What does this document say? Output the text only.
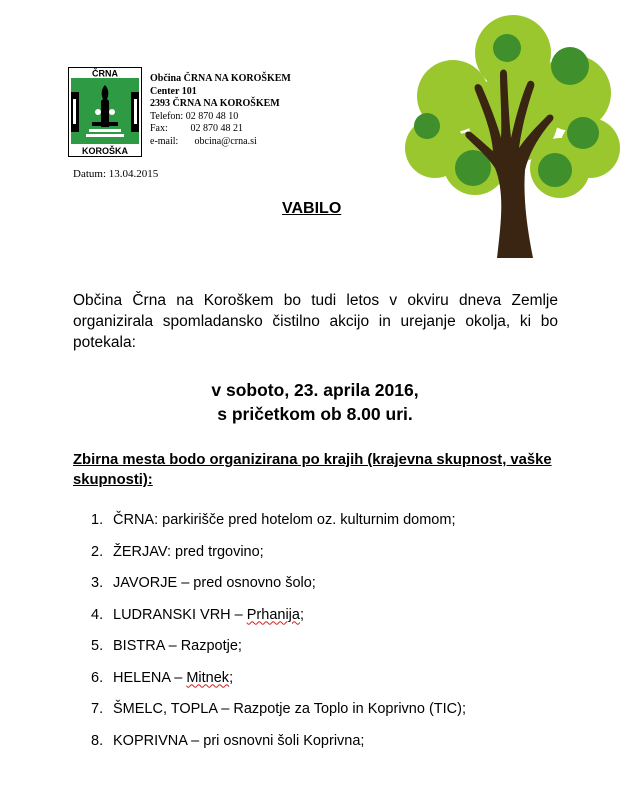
ČRNA
KOROŠKA
Občina ČRNA NA KOROŠKEM
Center 101
2393 ČRNA NA KOROŠKEM
Telefon: 02 870 48 10
Fax: 02 870 48 21
e-mail: obcina@crna.si
Datum: 13.04.2015
VABILO
Občina Črna na Koroškem bo tudi letos v okviru dneva Zemlje organizirala spomladansko čistilno akcijo in urejanje okolja, ki bo potekala:
v soboto, 23. aprila 2016,
s pričetkom ob 8.00 uri.
Zbirna mesta bodo organizirana po krajih (krajevna skupnost, vaške skupnosti):
1. ČRNA: parkirišče pred hotelom oz. kulturnim domom;
2. ŽERJAV: pred trgovino;
3. JAVORJE – pred osnovno šolo;
4. LUDRANSKI VRH – Prhanija;
5. BISTRA – Razpotje;
6. HELENA – Mitnek;
7. ŠMELC, TOPLA – Razpotje za Toplo in Koprivno (TIC);
8. KOPRIVNA – pri osnovni šoli Koprivna;
